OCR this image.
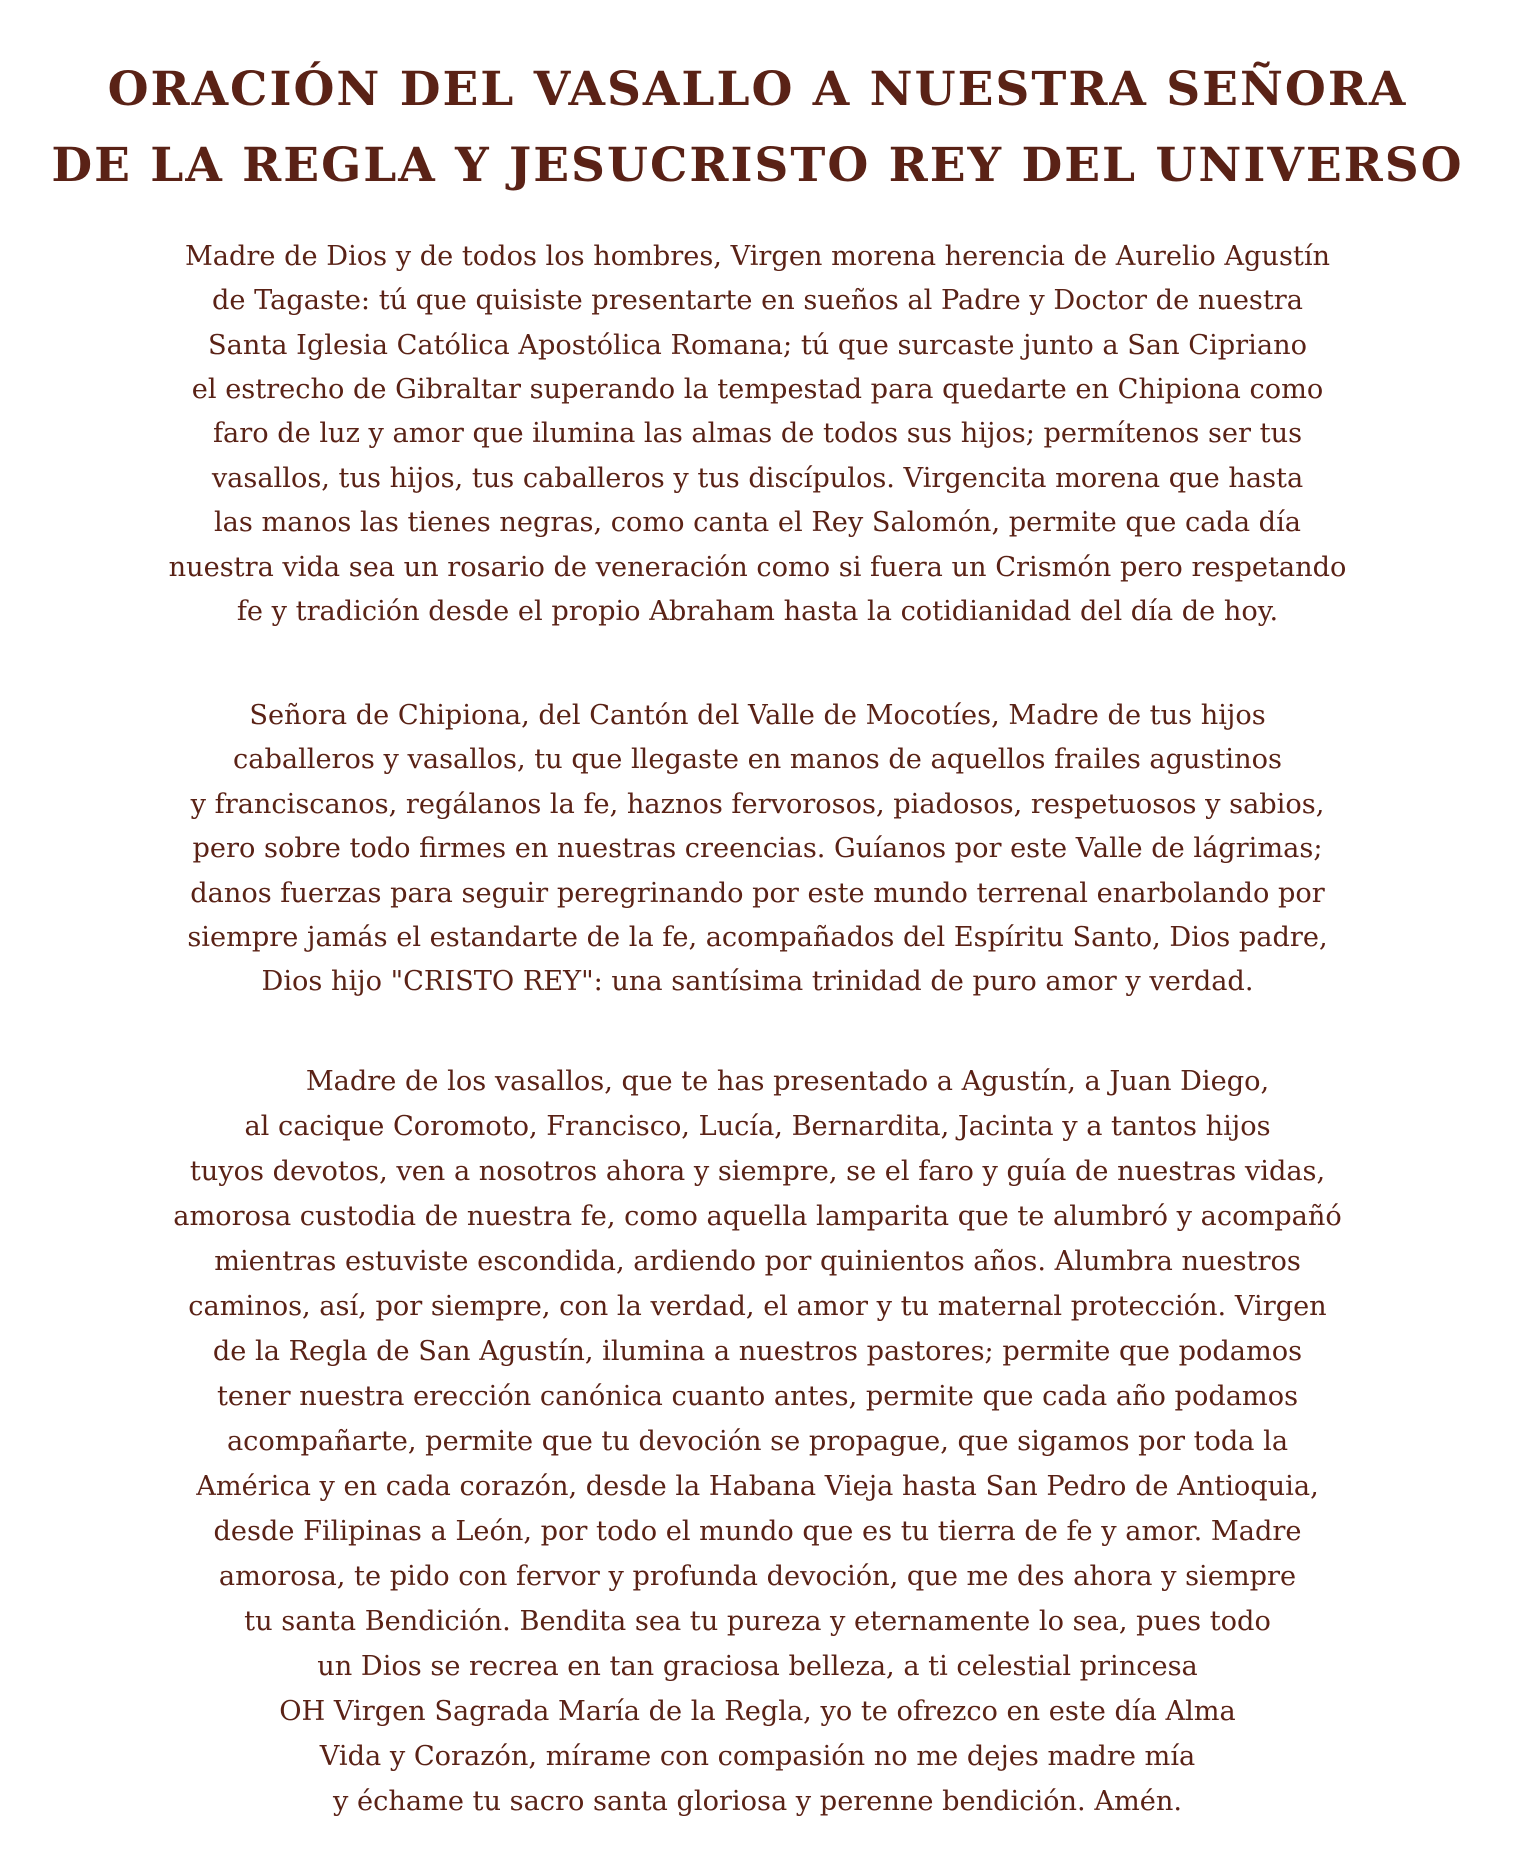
ORACIÓN DEL VASALLO A NUESTRA SEÑORA
DE LA REGLA Y JESUCRISTO REY DEL UNIVERSO
Madre de Dios y de todos los hombres, Virgen morena herencia de Aurelio Agustín
de Tagaste: tú que quisiste presentarte en sueños al Padre y Doctor de nuestra
Santa Iglesia Católica Apostólica Romana; tú que surcaste junto a San Cipriano
el estrecho de Gibraltar superando la tempestad para quedarte en Chipiona como
faro de luz y amor que ilumina las almas de todos sus hijos; permítenos ser tus
vasallos, tus hijos, tus caballeros y tus discípulos. Virgencita morena que hasta
las manos las tienes negras, como canta el Rey Salomón, permite que cada día
nuestra vida sea un rosario de veneración como si fuera un Crismón pero respetando
fe y tradición desde el propio Abraham hasta la cotidianidad del día de hoy.
Señora de Chipiona, del Cantón del Valle de Mocotíes, Madre de tus hijos
caballeros y vasallos, tu que llegaste en manos de aquellos frailes agustinos
y franciscanos, regálanos la fe, haznos fervorosos, piadosos, respetuosos y sabios,
pero sobre todo firmes en nuestras creencias. Guíanos por este Valle de lágrimas;
danos fuerzas para seguir peregrinando por este mundo terrenal enarbolando por
siempre jamás el estandarte de la fe, acompañados del Espíritu Santo, Dios padre,
Dios hijo "CRISTO REY": una santísima trinidad de puro amor y verdad.
Madre de los vasallos, que te has presentado a Agustín, a Juan Diego,
al cacique Coromoto, Francisco, Lucía, Bernardita, Jacinta y a tantos hijos
tuyos devotos, ven a nosotros ahora y siempre, se el faro y guía de nuestras vidas,
amorosa custodia de nuestra fe, como aquella lamparita que te alumbró y acompañó
mientras estuviste escondida, ardiendo por quinientos años. Alumbra nuestros
caminos, así, por siempre, con la verdad, el amor y tu maternal protección. Virgen
de la Regla de San Agustín, ilumina a nuestros pastores; permite que podamos
tener nuestra erección canónica cuanto antes, permite que cada año podamos
acompañarte, permite que tu devoción se propague, que sigamos por toda la
América y en cada corazón, desde la Habana Vieja hasta San Pedro de Antioquia,
desde Filipinas a León, por todo el mundo que es tu tierra de fe y amor. Madre
amorosa, te pido con fervor y profunda devoción, que me des ahora y siempre
tu santa Bendición. Bendita sea tu pureza y eternamente lo sea, pues todo
un Dios se recrea en tan graciosa belleza, a ti celestial princesa
OH Virgen Sagrada María de la Regla, yo te ofrezco en este día Alma
Vida y Corazón, mírame con compasión no me dejes madre mía
y échame tu sacro santa gloriosa y perenne bendición. Amén.
